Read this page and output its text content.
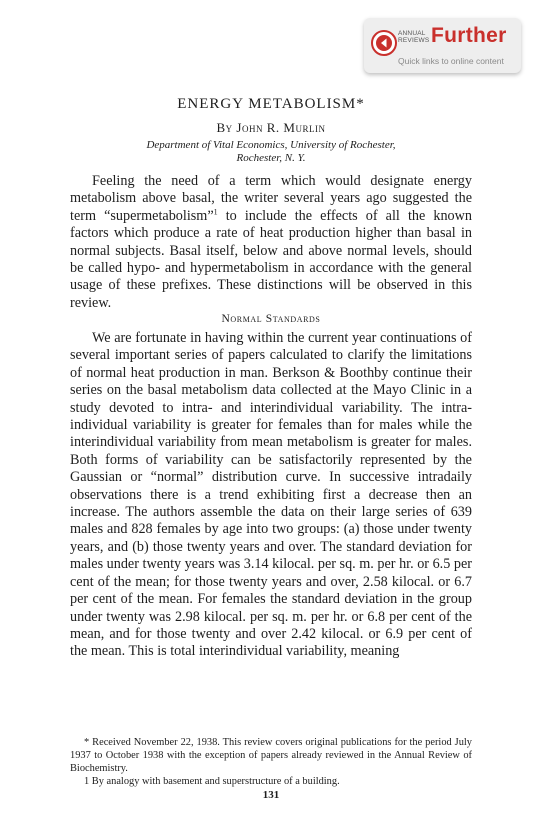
ANNUAL
REVIEWS Further
Quick links to online content
ENERGY METABOLISM*
By John R. Murlin
Department of Vital Economics, University of Rochester,
Rochester, N. Y.

Feeling the need of a term which would designate energy metabolism above basal, the writer several years ago suggested the term “supermetabolism”$^1$ to include the effects of all the known factors which produce a rate of heat production higher than basal in normal subjects. Basal itself, below and above normal levels, should be called hypo- and hypermetabolism in accordance with the general usage of these prefixes. These distinctions will be observed in this review.

Normal Standards

We are fortunate in having within the current year continuations of several important series of papers calculated to clarify the limitations of normal heat production in man. Berkson & Boothby continue their series on the basal metabolism data collected at the Mayo Clinic in a study devoted to intra- and interindividual variability. The intra-individual variability is greater for females than for males while the interindividual variability from mean metabolism is greater for males. Both forms of variability can be satisfactorily represented by the Gaussian or “normal” distribution curve. In successive intradaily observations there is a trend exhibiting first a decrease then an increase. The authors assemble the data on their large series of 639 males and 828 females by age into two groups: (a) those under twenty years, and (b) those twenty years and over. The standard deviation for males under twenty years was 3.14 kilocal. per sq. m. per hr. or 6.5 per cent of the mean; for those twenty years and over, 2.58 kilocal. or 6.7 per cent of the mean. For females the standard deviation in the group under twenty was 2.98 kilocal. per sq. m. per hr. or 6.8 per cent of the mean, and for those twenty and over 2.42 kilocal. or 6.9 per cent of the mean. This is total interindividual variability, meaning

* Received November 22, 1938. This review covers original publications for the period July 1937 to October 1938 with the exception of papers already reviewed in the Annual Review of Biochemistry.

1 By analogy with basement and superstructure of a building.

131
